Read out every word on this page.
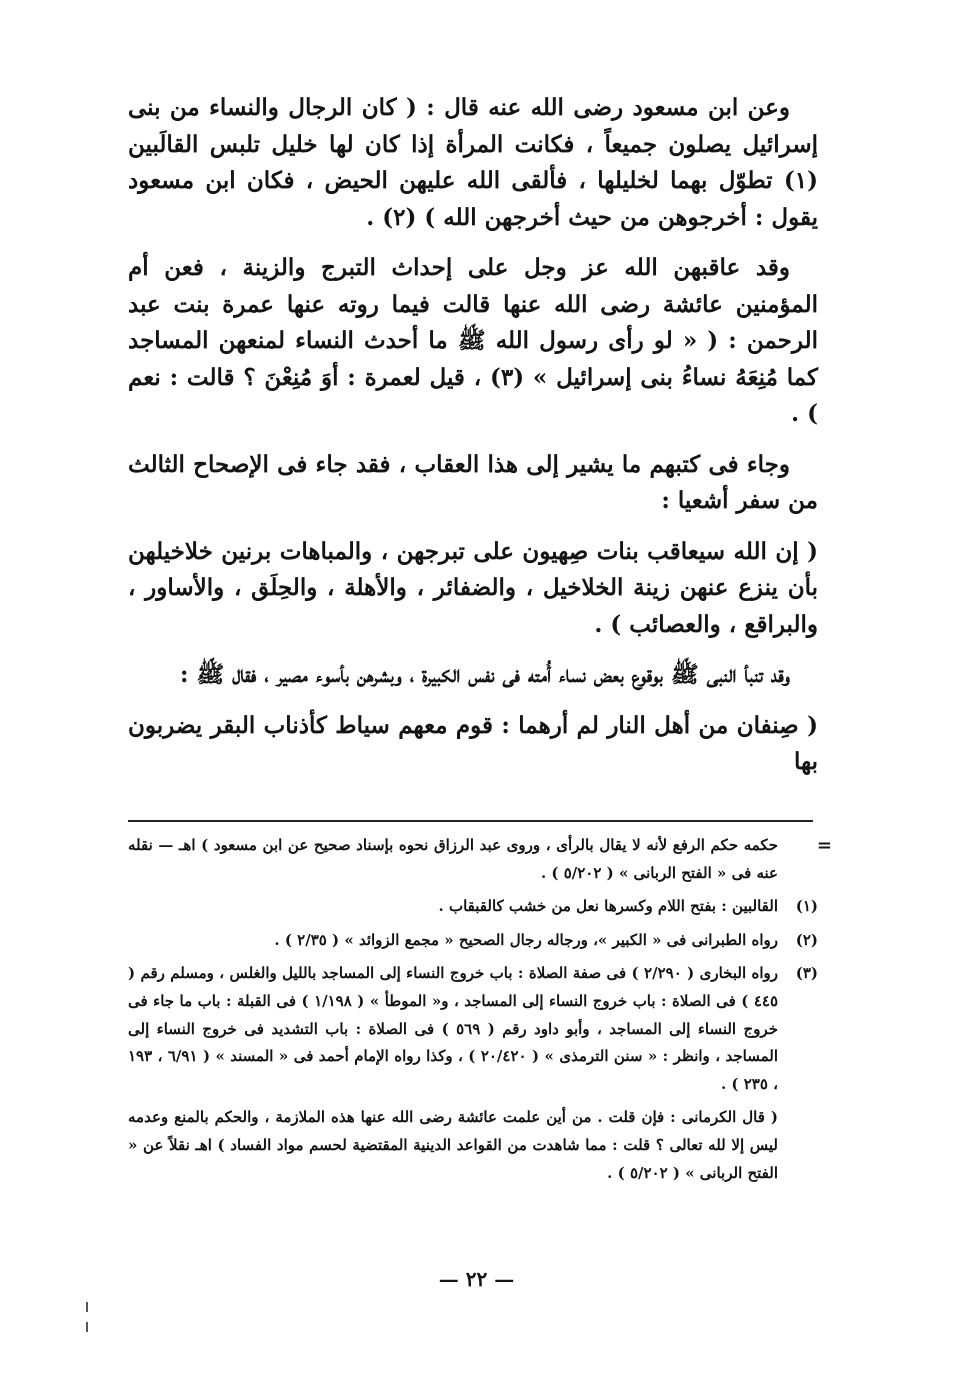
وعن ابن مسعود رضى الله عنه قال : ( كان الرجال والنساء من بنى إسرائيل يصلون جميعاً ، فكانت المرأة إذا كان لها خليل تلبس القالَبين (١) تطوّل بهما لخليلها ، فألقى الله عليهن الحيض ، فكان ابن مسعود يقول : أخرجوهن من حيث أخرجهن الله ) (٢) .

وقد عاقبهن الله عز وجل على إحداث التبرج والزينة ، فعن أم المؤمنين عائشة رضى الله عنها قالت فيما روته عنها عمرة بنت عبد الرحمن : ( « لو رأى رسول الله ﷺ ما أحدث النساء لمنعهن المساجد كما مُنِعَهُ نساءُ بنى إسرائيل » (٣) ، قيل لعمرة : أوَ مُنِعْنَ ؟ قالت : نعم ) .

وجاء فى كتبهم ما يشير إلى هذا العقاب ، فقد جاء فى الإصحاح الثالث من سفر أشعيا :

( إن الله سيعاقب بنات صِهيون على تبرجهن ، والمباهات برنين خلاخيلهن بأن ينزع عنهن زينة الخلاخيل ، والضفائر ، والأهلة ، والحِلَق ، والأساور ، والبراقع ، والعصائب ) .

وقد تنبأ النبى ﷺ بوقوع بعض نساء أُمته فى نفس الكبيرة ، وبشرهن بأسوء مصير ، فقال ﷺ :

( صِنفان من أهل النار لم أرهما : قوم معهم سياط كأذناب البقر يضربون بها

=
حكمه حكم الرفع لأنه لا يقال بالرأى ، وروى عبد الرزاق نحوه بإسناد صحيح عن ابن مسعود ) اهـ — نقله عنه فى « الفتح الربانى » ( ٥/٢٠٢ ) .
(١)
القالبين : بفتح اللام وكسرها نعل من خشب كالقبقاب .
(٢)
رواه الطبرانى فى « الكبير »، ورجاله رجال الصحيح « مجمع الزوائد » ( ٢/٣٥ ) .
(٣)
رواه البخارى ( ٢/٢٩٠ ) فى صفة الصلاة : باب خروج النساء إلى المساجد بالليل والغلس ، ومسلم رقم ( ٤٤٥ ) فى الصلاة : باب خروج النساء إلى المساجد ، و« الموطأ » ( ١/١٩٨ ) فى القبلة : باب ما جاء فى خروج النساء إلى المساجد ، وأبو داود رقم ( ٥٦٩ ) فى الصلاة : باب التشديد فى خروج النساء إلى المساجد ، وانظر : « سنن الترمذى » ( ٢٠/٤٢٠ ) ، وكذا رواه الإمام أحمد فى « المسند » ( ٦/٩١ ، ١٩٣ ، ٢٣٥ ) .
( قال الكرمانى : فإن قلت . من أين علمت عائشة رضى الله عنها هذه الملازمة ، والحكم بالمنع وعدمه ليس إلا لله تعالى ؟ قلت : مما شاهدت من القواعد الدينية المقتضية لحسم مواد الفساد ) اهـ نقلاً عن « الفتح الربانى » ( ٥/٢٠٢ ) .
— ٢٢ —
